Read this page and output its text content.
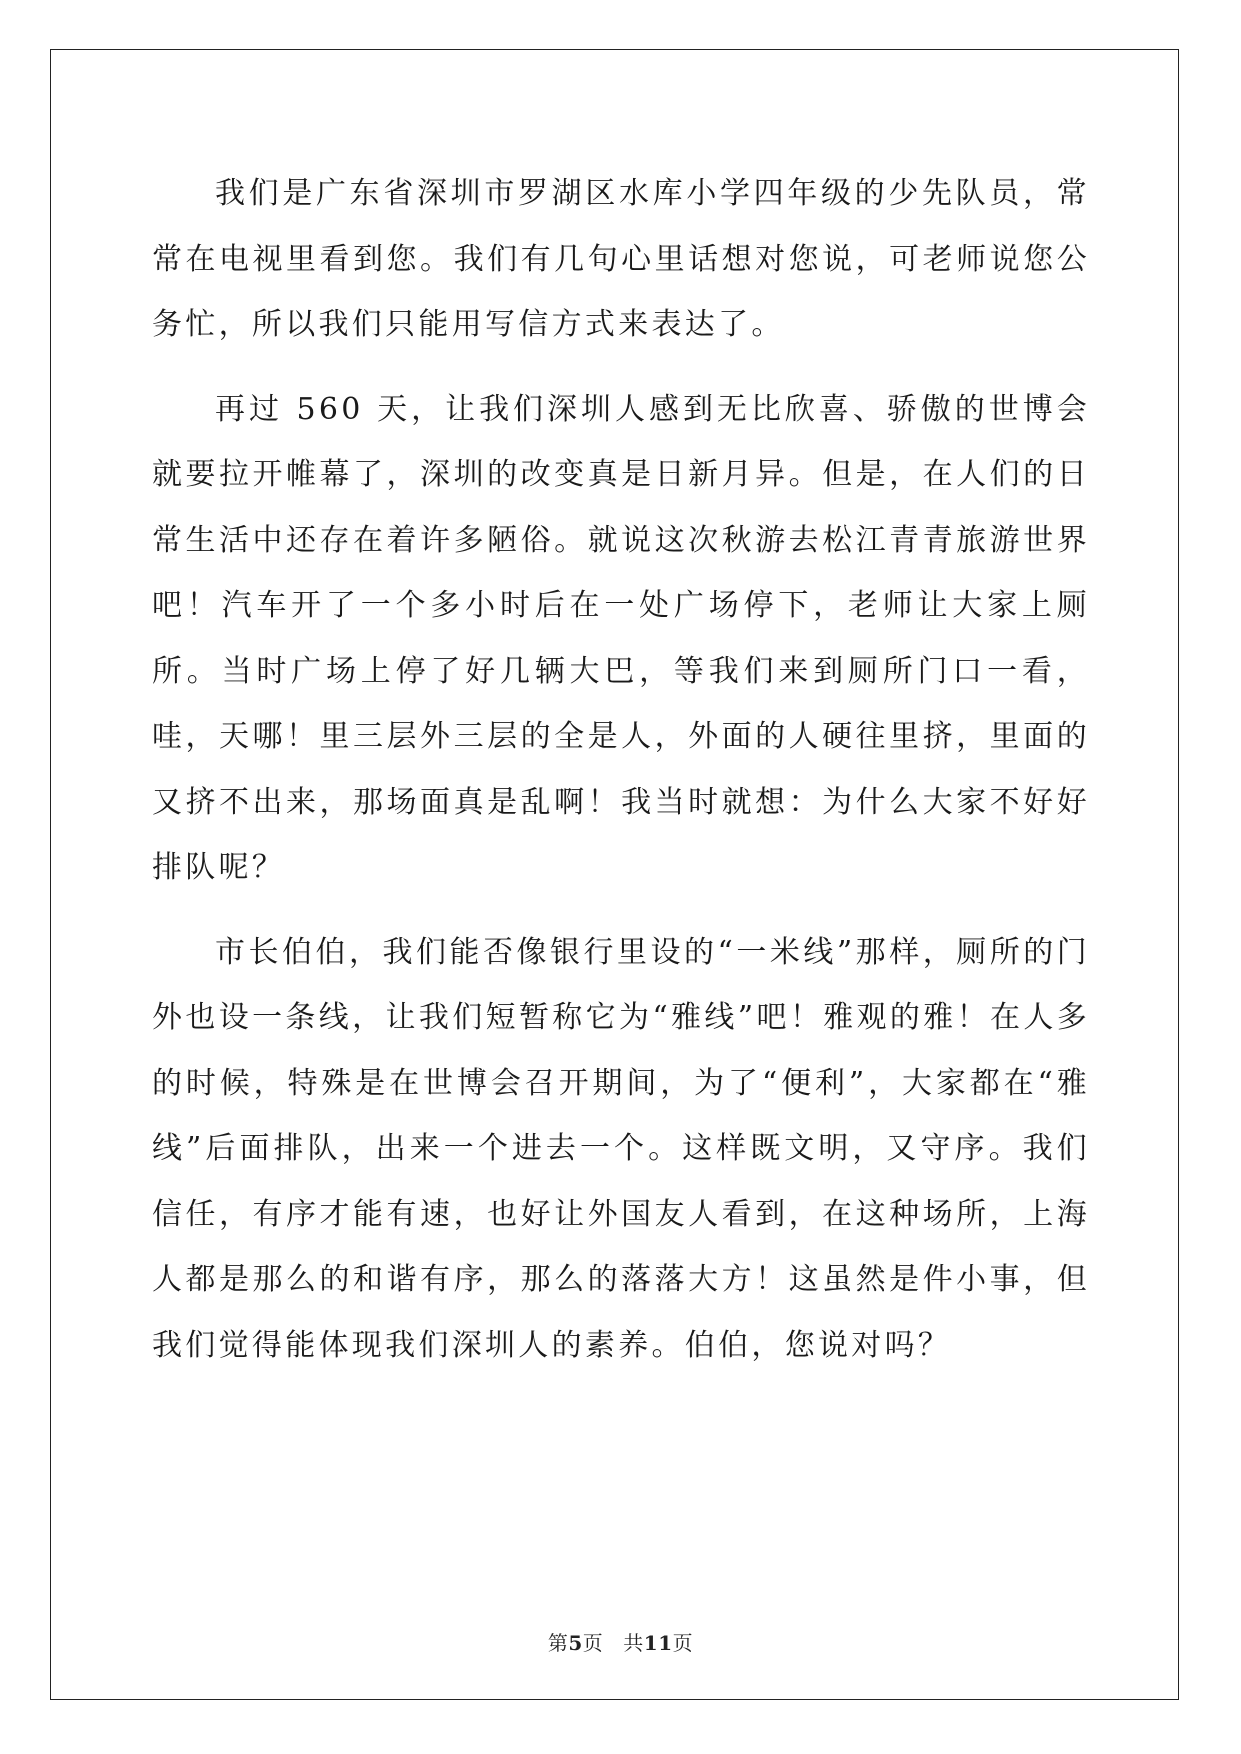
我们是广东省深圳市罗湖区水库小学四年级的少先队员，常常在电视里看到您。我们有几句心里话想对您说，可老师说您公务忙，所以我们只能用写信方式来表达了。

再过 560 天，让我们深圳人感到无比欣喜、骄傲的世博会就要拉开帷幕了，深圳的改变真是日新月异。但是，在人们的日常生活中还存在着许多陋俗。就说这次秋游去松江青青旅游世界吧！汽车开了一个多小时后在一处广场停下，老师让大家上厕所。当时广场上停了好几辆大巴，等我们来到厕所门口一看，哇，天哪！里三层外三层的全是人，外面的人硬往里挤，里面的又挤不出来，那场面真是乱啊！我当时就想：为什么大家不好好排队呢？

市长伯伯，我们能否像银行里设的“一米线”那样，厕所的门外也设一条线，让我们短暂称它为“雅线”吧！雅观的雅！在人多的时候，特殊是在世博会召开期间，为了“便利”，大家都在“雅线”后面排队，出来一个进去一个。这样既文明，又守序。我们信任，有序才能有速，也好让外国友人看到，在这种场所，上海人都是那么的和谐有序，那么的落落大方！这虽然是件小事，但我们觉得能体现我们深圳人的素养。伯伯，您说对吗？

第5页 共11页
